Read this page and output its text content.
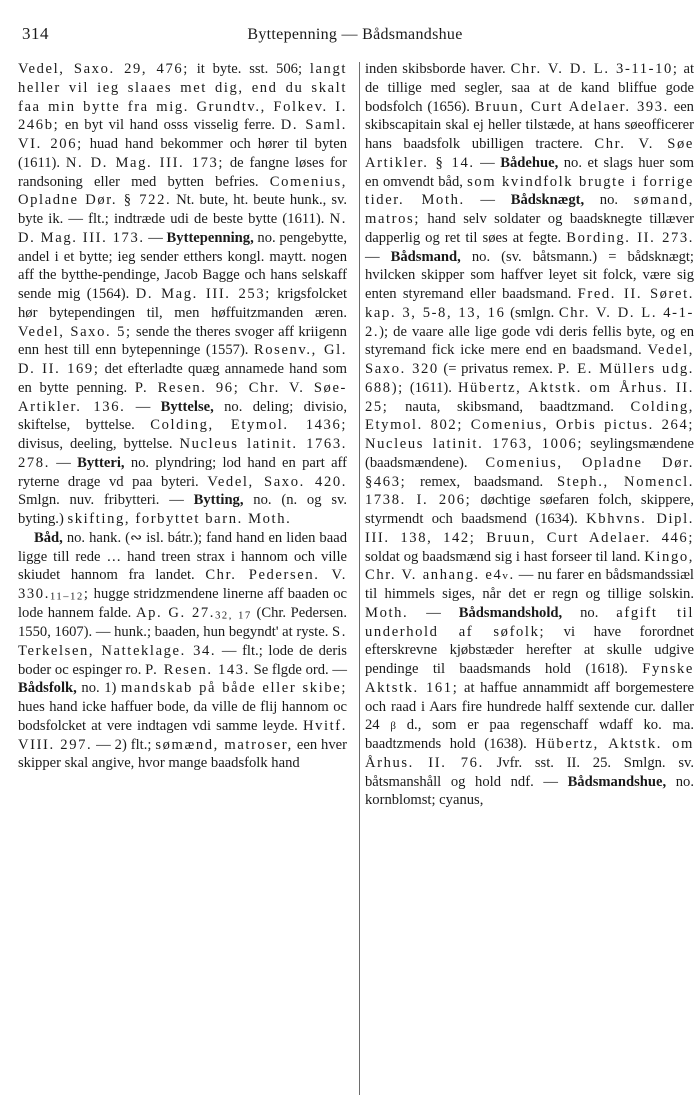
314	Byttepenning — Bådsmandshue

Vedel, Saxo. 29, 476; it byte. sst. 506; langt heller vil ieg slaaes met dig, end du skalt faa min bytte fra mig. Grundtv., Folkev. I. 246b; en byt vil hand osss visselig ferre. D. Saml. VI. 206; huad hand bekommer och hører til byten (1611). N. D. Mag. III. 173; de fangne løses for randsoning eller med bytten befries. Comenius, Opladne Dør. § 722. Nt. bute, ht. beute hunk., sv. byte ik. — flt.; indtræde udi de beste bytte (1611). N. D. Mag. III. 173. — Byttepenning, no. pengebytte, andel i et bytte; ieg sender etthers kongl. maytt. nogen aff the bytthe-pendinge, Jacob Bagge och hans selskaff sende mig (1564). D. Mag. III. 253; krigsfolcket hør bytependingen til, men høffuitzmanden æren. Vedel, Saxo. 5; sende the theres svoger aff kriigenn enn hest till enn bytepenninge (1557). Rosenv., Gl. D. II. 169; det efterladte quæg annamede hand som en bytte penning. P. Resen. 96; Chr. V. Søe-Artikler. 136. — Byttelse, no. deling; divisio, skiftelse, byttelse. Colding, Etymol. 1436; divisus, deeling, byttelse. Nucleus latinit. 1763. 278. — Bytteri, no. plyndring; lod hand en part aff ryterne drage vd paa byteri. Vedel, Saxo. 420. Smlgn. nuv. fribytteri. — Bytting, no. (n. og sv. byting.) skifting, forbyttet barn. Moth.

Båd, no. hank. (∾ isl. bátr.); fand hand en liden baad ligge till rede … hand treen strax i hannom och ville skiudet hannom fra landet. Chr. Pedersen. V. 330.11–12; hugge stridzmendene linerne aff baaden oc lode hannem falde. Ap. G. 27.32, 17 (Chr. Pedersen. 1550, 1607). — hunk.; baaden, hun begyndt' at ryste. S. Terkelsen, Natteklage. 34. — flt.; lode de deris boder oc espinger ro. P. Resen. 143. Se flgde ord. — Bådsfolk, no. 1) mandskab på både eller skibe; hues hand icke haffuer bode, da ville de flij hannom oc bodsfolcket at vere indtagen vdi samme leyde. Hvitf. VIII. 297. — 2) flt.; sømænd, matroser, een hver skipper skal angive, hvor mange baadsfolk hand

inden skibsborde haver. Chr. V. D. L. 3-11-10; at de tillige med segler, saa at de kand bliffue gode bodsfolch (1656). Bruun, Curt Adelaer. 393. een skibscapitain skal ej heller tilstæde, at hans søeofficerer hans baadsfolk ubilligen tractere. Chr. V. Søe Artikler. § 14. — Bådehue, no. et slags huer som en omvendt båd, som kvindfolk brugte i forrige tider. Moth. — Bådsknægt, no. sømand, matros; hand selv soldater og baadsknegte tillæver dapperlig og ret til søes at fegte. Bording. II. 273. — Bådsmand, no. (sv. båtsmann.) = bådsknægt; hvilcken skipper som haffver leyet sit folck, være sig enten styremand eller baadsmand. Fred. II. Søret. kap. 3, 5-8, 13, 16 (smlgn. Chr. V. D. L. 4-1-2.); de vaare alle lige gode vdi deris fellis byte, og en styremand fick icke mere end en baadsmand. Vedel, Saxo. 320 (= privatus remex. P. E. Müllers udg. 688); (1611). Hübertz, Aktstk. om Århus. II. 25; nauta, skibsmand, baadtzmand. Colding, Etymol. 802; Comenius, Orbis pictus. 264; Nucleus latinit. 1763, 1006; seylingsmændene (baadsmændene). Comenius, Opladne Dør. §463; remex, baadsmand. Steph., Nomencl. 1738. I. 206; døchtige søefaren folch, skippere, styrmendt och baadsmend (1634). Kbhvns. Dipl. III. 138, 142; Bruun, Curt Adelaer. 446; soldat og baadsmænd sig i hast forseer til land. Kingo, Chr. V. anhang. e4v. — nu farer en bådsmandssiæl til himmels siges, når det er regn og tillige solskin. Moth. — Bådsmandshold, no. afgift til underhold af søfolk; vi have forordnet efterskrevne kjøbstæder herefter at skulle udgive pendinge til baadsmands hold (1618). Fynske Aktstk. 161; at haffue annammidt aff borgemestere och raad i Aars fire hundrede halff sextende cur. daller 24 β d., som er paa regenschaff wdaff ko. ma. baadtzmends hold (1638). Hübertz, Aktstk. om Århus. II. 76. Jvfr. sst. II. 25. Smlgn. sv. båtsmanshåll og hold ndf. — Bådsmandshue, no. kornblomst; cyanus,
